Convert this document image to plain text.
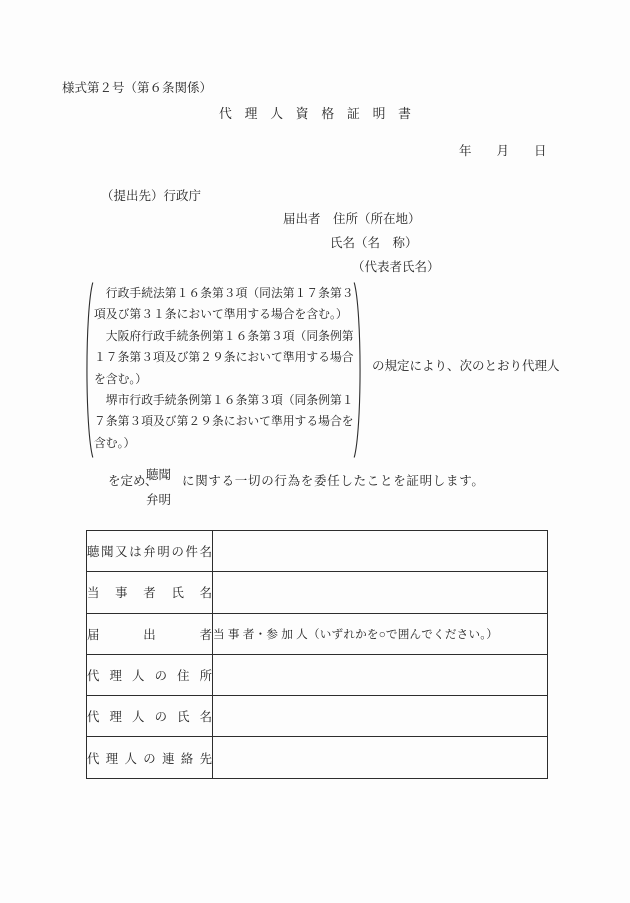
様式第２号（第６条関係）
代　理　人　資　格　証　明　書
年　　月　　日
（提出先）行政庁
届出者　住所（所在地）
氏名（名　称）
（代表者氏名）
　行政手続法第１６条第３項（同法第１７条第３
項及び第３１条において準用する場合を含む。）
　大阪府行政手続条例第１６条第３項（同条例第
１７条第３項及び第２９条において準用する場合
を含む。）
　堺市行政手続条例第１６条第３項（同条例第１
７条第３項及び第２９条において準用する場合を
含む。）
の規定により、次のとおり代理人
を定め、
聴聞
弁明
に関する一切の行為を委任したことを証明します。
聴聞又は弁明の件名	
当事者氏名	
届出者	当 事 者・参 加 人（いずれかを○で囲んでください。）
代理人の住所	
代理人の氏名	
代理人の連絡先	
